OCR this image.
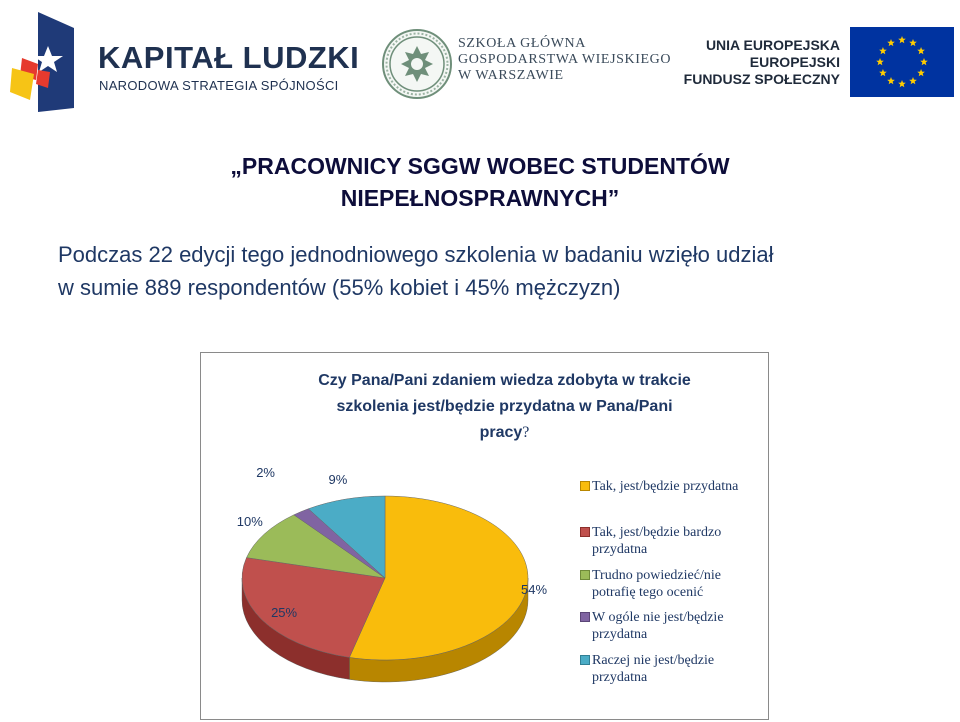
KAPITAŁ LUDZKI
NARODOWA STRATEGIA SPÓJNOŚCI
SZKOŁA GŁÓWNA
GOSPODARSTWA WIEJSKIEGO
W WARSZAWIE
UNIA EUROPEJSKA
EUROPEJSKI
FUNDUSZ SPOŁECZNY
„PRACOWNICY SGGW WOBEC STUDENTÓW
NIEPEŁNOSPRAWNYCH”
Podczas 22 edycji tego jednodniowego szkolenia w badaniu wzięło udział
w sumie 889 respondentów (55% kobiet i 45% mężczyzn)
Czy Pana/Pani zdaniem wiedza zdobyta w trakcie
szkolenia jest/będzie przydatna w Pana/Pani
pracy?
54%
25%
10%
2%	9%	Tak, jest/będzie przydatna
Tak, jest/będzie bardzo przydatna
Trudno powiedzieć/nie potrafię tego ocenić
W ogóle nie jest/będzie przydatna
Raczej nie jest/będzie przydatna
